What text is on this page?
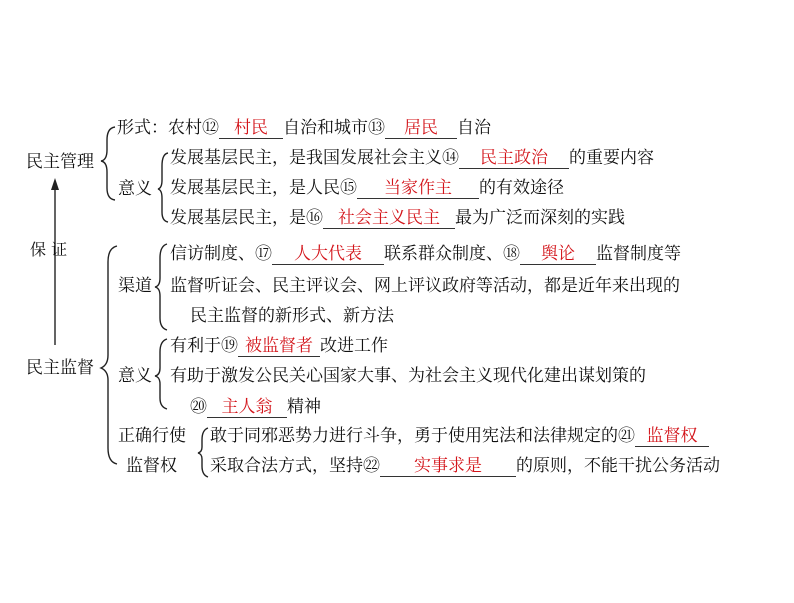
民主管理
保 证
民主监督
形式：农村⑫ 村民 自治和城市⑬ 居民 自治
意义
发展基层民主，是我国发展社会主义⑭ 民主政治 的重要内容
发展基层民主，是人民⑮ 当家作主 的有效途径
发展基层民主，是⑯ 社会主义民主 最为广泛而深刻的实践
渠道
信访制度、⑰ 人大代表 联系群众制度、⑱ 舆论 监督制度等
监督听证会、民主评议会、网上评议政府等活动，都是近年来出现的
民主监督的新形式、新方法
意义
有利于⑲ 被监督者 改进工作
有助于激发公民关心国家大事、为社会主义现代化建出谋划策的
⑳ 主人翁 精神
正确行使
监督权
敢于同邪恶势力进行斗争，勇于使用宪法和法律规定的㉑ 监督权
采取合法方式，坚持㉒ 实事求是 的原则，不能干扰公务活动
